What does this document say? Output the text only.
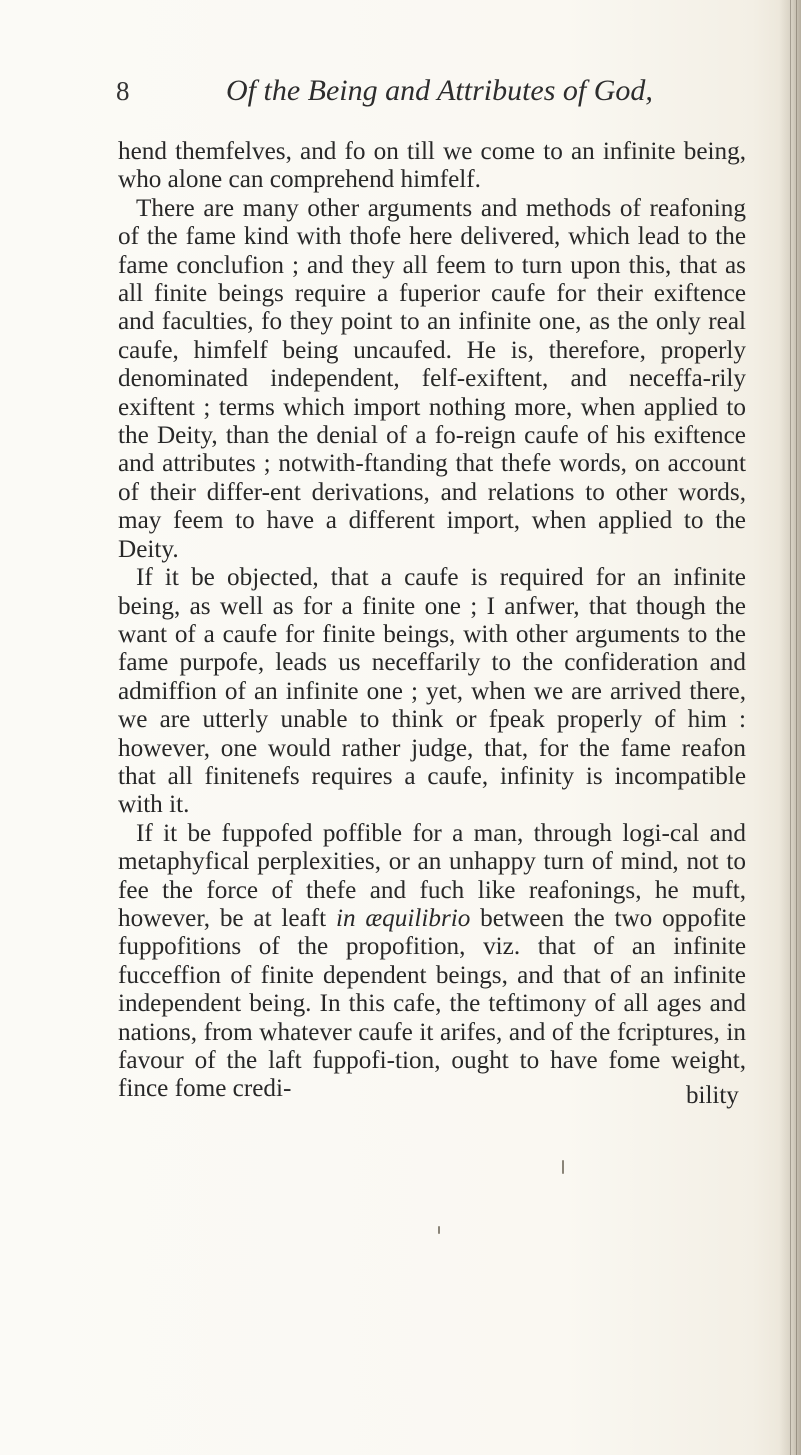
8	Of the Being and Attributes of God,

hend themfelves, and fo on till we come to an infinite being, who alone can comprehend himfelf.

There are many other arguments and methods of reafoning of the fame kind with thofe here delivered, which lead to the fame conclufion ; and they all feem to turn upon this, that as all finite beings require a fuperior caufe for their exiftence and faculties, fo they point to an infinite one, as the only real caufe, himfelf being uncaufed. He is, therefore, properly denominated independent, felf-exiftent, and neceffa-rily exiftent ; terms which import nothing more, when applied to the Deity, than the denial of a fo-reign caufe of his exiftence and attributes ; notwith-ftanding that thefe words, on account of their differ-ent derivations, and relations to other words, may feem to have a different import, when applied to the Deity.

If it be objected, that a caufe is required for an infinite being, as well as for a finite one ; I anfwer, that though the want of a caufe for finite beings, with other arguments to the fame purpofe, leads us neceffarily to the confideration and admiffion of an infinite one ; yet, when we are arrived there, we are utterly unable to think or fpeak properly of him : however, one would rather judge, that, for the fame reafon that all finitenefs requires a caufe, infinity is incompatible with it.

If it be fuppofed poffible for a man, through logi-cal and metaphyfical perplexities, or an unhappy turn of mind, not to fee the force of thefe and fuch like reafonings, he muft, however, be at leaft in æquilibrio between the two oppofite fuppofitions of the propofition, viz. that of an infinite fucceffion of finite dependent beings, and that of an infinite independent being. In this cafe, the teftimony of all ages and nations, from whatever caufe it arifes, and of the fcriptures, in favour of the laft fuppofi-tion, ought to have fome weight, fince fome credi-	bility
